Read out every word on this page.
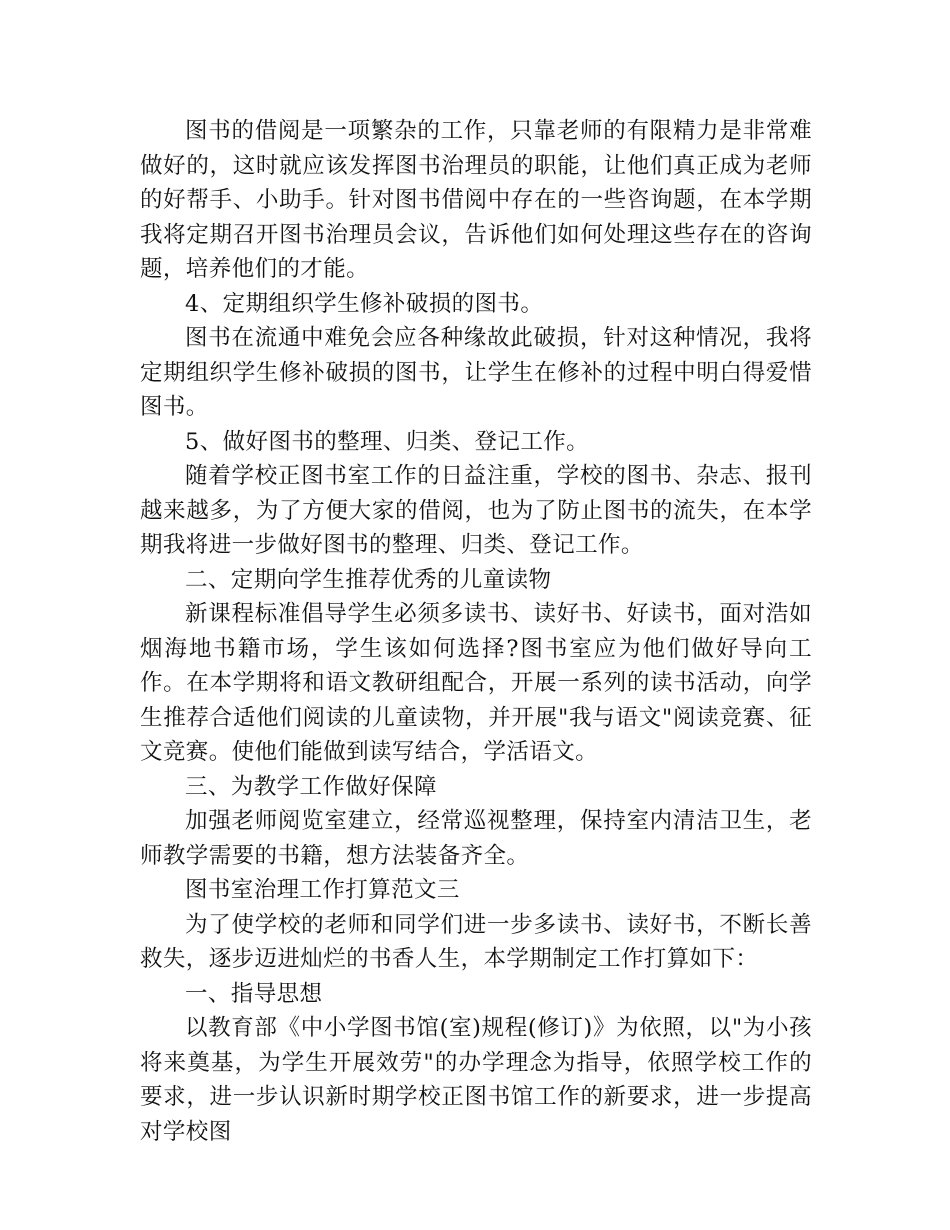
图书的借阅是一项繁杂的工作，只靠老师的有限精力是非常难做好的，这时就应该发挥图书治理员的职能，让他们真正成为老师的好帮手、小助手。针对图书借阅中存在的一些咨询题，在本学期我将定期召开图书治理员会议，告诉他们如何处理这些存在的咨询题，培养他们的才能。

4、定期组织学生修补破损的图书。

图书在流通中难免会应各种缘故此破损，针对这种情况，我将定期组织学生修补破损的图书，让学生在修补的过程中明白得爱惜图书。

5、做好图书的整理、归类、登记工作。

随着学校正图书室工作的日益注重，学校的图书、杂志、报刊越来越多，为了方便大家的借阅，也为了防止图书的流失，在本学期我将进一步做好图书的整理、归类、登记工作。

二、定期向学生推荐优秀的儿童读物

新课程标准倡导学生必须多读书、读好书、好读书，面对浩如烟海地书籍市场，学生该如何选择?图书室应为他们做好导向工作。在本学期将和语文教研组配合，开展一系列的读书活动，向学生推荐合适他们阅读的儿童读物，并开展"我与语文"阅读竞赛、征文竞赛。使他们能做到读写结合，学活语文。

三、为教学工作做好保障

加强老师阅览室建立，经常巡视整理，保持室内清洁卫生，老师教学需要的书籍，想方法装备齐全。

图书室治理工作打算范文三

为了使学校的老师和同学们进一步多读书、读好书，不断长善救失，逐步迈进灿烂的书香人生，本学期制定工作打算如下：

一、指导思想

以教育部《中小学图书馆(室)规程(修订)》为依照，以"为小孩将来奠基，为学生开展效劳"的办学理念为指导，依照学校工作的要求，进一步认识新时期学校正图书馆工作的新要求，进一步提高对学校图
